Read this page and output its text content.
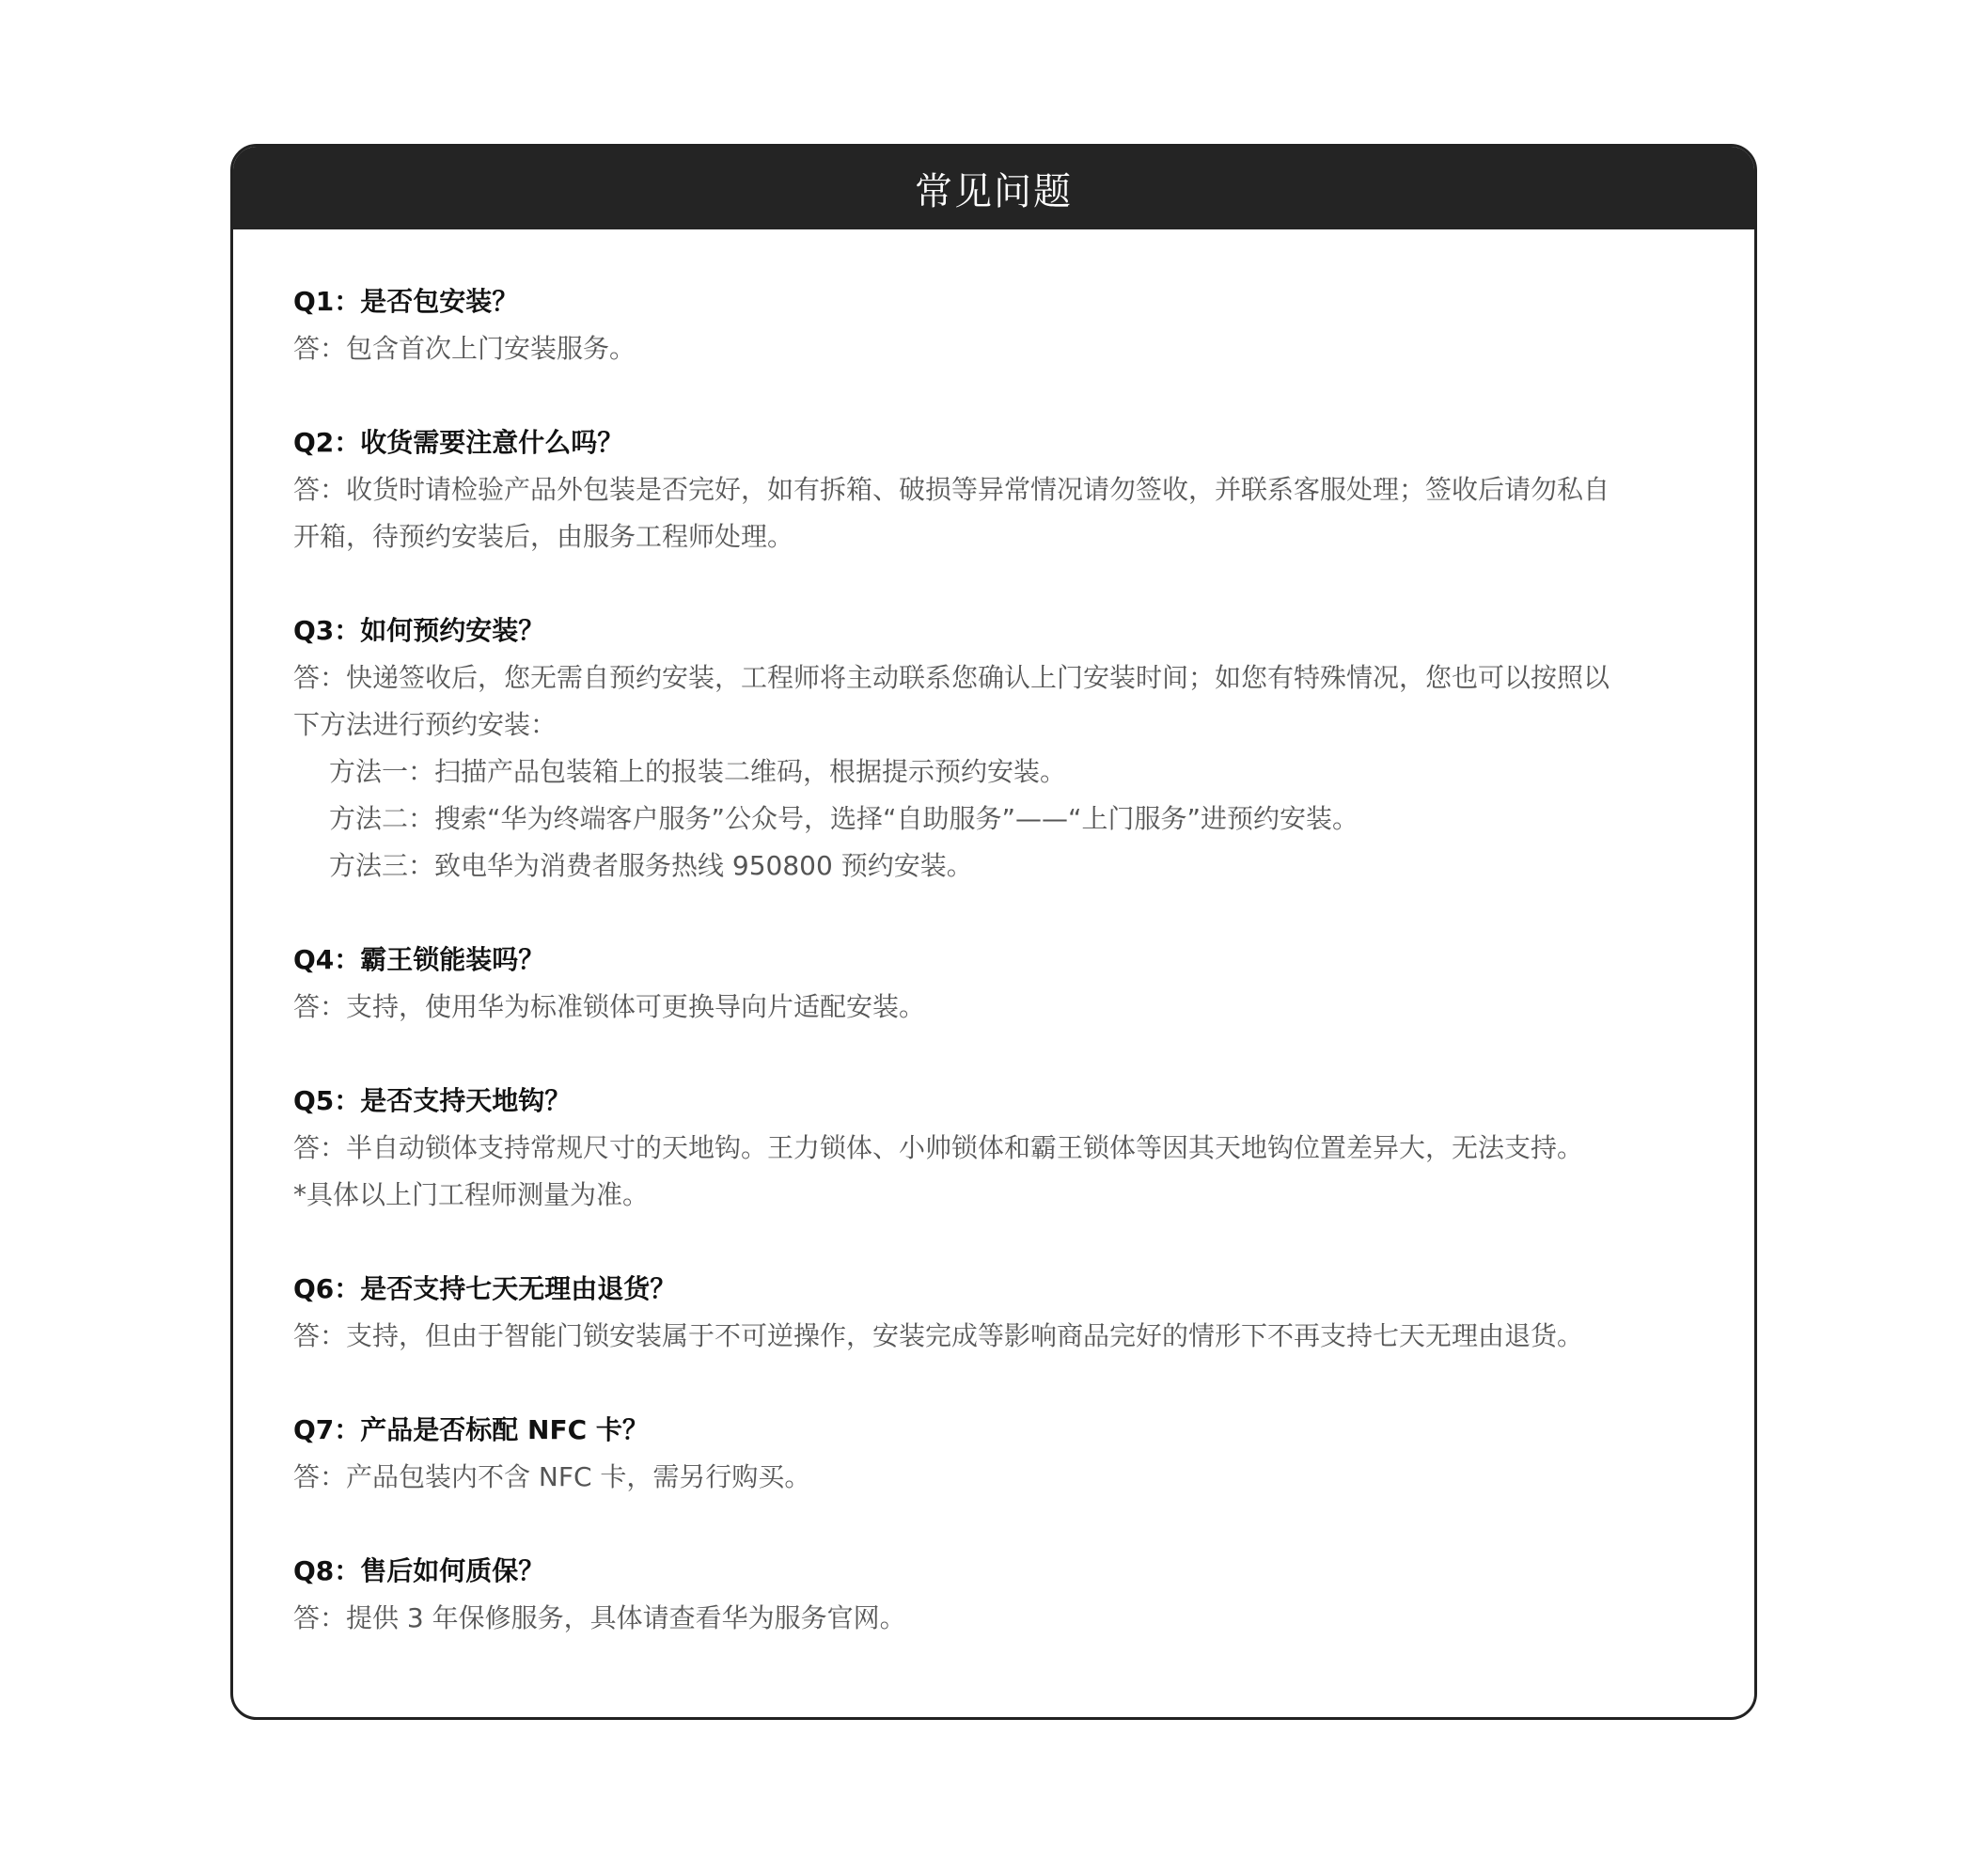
常见问题
Q1：是否包安装？
答：包含首次上门安装服务。
Q2：收货需要注意什么吗？
答：收货时请检验产品外包装是否完好，如有拆箱、破损等异常情况请勿签收，并联系客服处理；签收后请勿私自
开箱，待预约安装后，由服务工程师处理。
Q3：如何预约安装？
答：快递签收后，您无需自预约安装，工程师将主动联系您确认上门安装时间；如您有特殊情况，您也可以按照以
下方法进行预约安装：
方法一：扫描产品包装箱上的报装二维码，根据提示预约安装。
方法二：搜索“华为终端客户服务”公众号，选择“自助服务”——“上门服务”进预约安装。
方法三：致电华为消费者服务热线 950800 预约安装。
Q4：霸王锁能装吗？
答：支持，使用华为标准锁体可更换导向片适配安装。
Q5：是否支持天地钩？
答：半自动锁体支持常规尺寸的天地钩。王力锁体、小帅锁体和霸王锁体等因其天地钩位置差异大，无法支持。
*具体以上门工程师测量为准。
Q6：是否支持七天无理由退货？
答：支持，但由于智能门锁安装属于不可逆操作，安装完成等影响商品完好的情形下不再支持七天无理由退货。
Q7：产品是否标配 NFC 卡？
答：产品包装内不含 NFC 卡，需另行购买。
Q8：售后如何质保？
答：提供 3 年保修服务，具体请查看华为服务官网。
